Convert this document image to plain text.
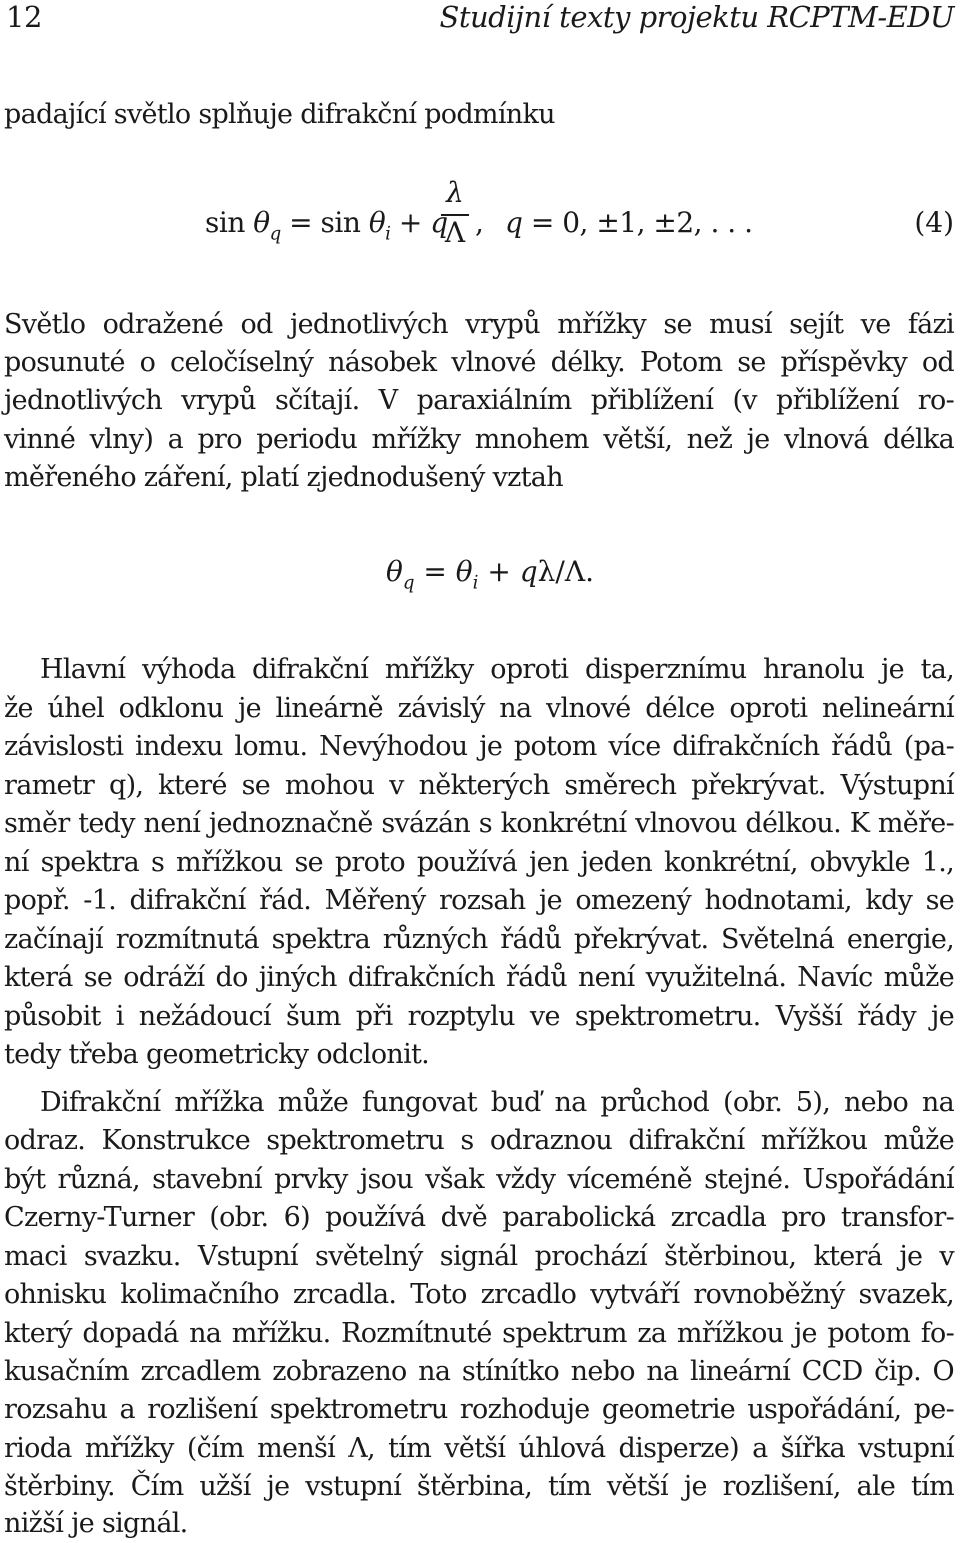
12	Studijní texty projektu RCPTM-EDU
padající světlo splňuje difrakční podmínku
$\sin \theta_q = \sin \theta_i + q$
λ
Λ , q = 0, ±1, ±2, . . .	(4)
Světlo odražené od jednotlivých vrypů mřížky se musí sejít ve fázi
posunuté o celočíselný násobek vlnové délky. Potom se příspěvky od
jednotlivých vrypů sčítají. V paraxiálním přiblížení (v přiblížení ro-
vinné vlny) a pro periodu mřížky mnohem větší, než je vlnová délka
měřeného záření, platí zjednodušený vztah
$\theta_q = \theta_i + q\lambda/\Lambda$.
Hlavní výhoda difrakční mřížky oproti disperznímu hranolu je ta,
že úhel odklonu je lineárně závislý na vlnové délce oproti nelineární
závislosti indexu lomu. Nevýhodou je potom více difrakčních řádů (pa-
rametr q), které se mohou v některých směrech překrývat. Výstupní
směr tedy není jednoznačně svázán s konkrétní vlnovou délkou. K měře-
ní spektra s mřížkou se proto používá jen jeden konkrétní, obvykle 1.,
popř. -1. difrakční řád. Měřený rozsah je omezený hodnotami, kdy se
začínají rozmítnutá spektra různých řádů překrývat. Světelná energie,
která se odráží do jiných difrakčních řádů není využitelná. Navíc může
působit i nežádoucí šum při rozptylu ve spektrometru. Vyšší řády je
tedy třeba geometricky odclonit.
Difrakční mřížka může fungovat buď na průchod (obr. 5), nebo na
odraz. Konstrukce spektrometru s odraznou difrakční mřížkou může
být různá, stavební prvky jsou však vždy víceméně stejné. Uspořádání
Czerny-Turner (obr. 6) používá dvě parabolická zrcadla pro transfor-
maci svazku. Vstupní světelný signál prochází štěrbinou, která je v
ohnisku kolimačního zrcadla. Toto zrcadlo vytváří rovnoběžný svazek,
který dopadá na mřížku. Rozmítnuté spektrum za mřížkou je potom fo-
kusačním zrcadlem zobrazeno na stínítko nebo na lineární CCD čip. O
rozsahu a rozlišení spektrometru rozhoduje geometrie uspořádání, pe-
rioda mřížky (čím menší Λ, tím větší úhlová disperze) a šířka vstupní
štěrbiny. Čím užší je vstupní štěrbina, tím větší je rozlišení, ale tím
nižší je signál.
